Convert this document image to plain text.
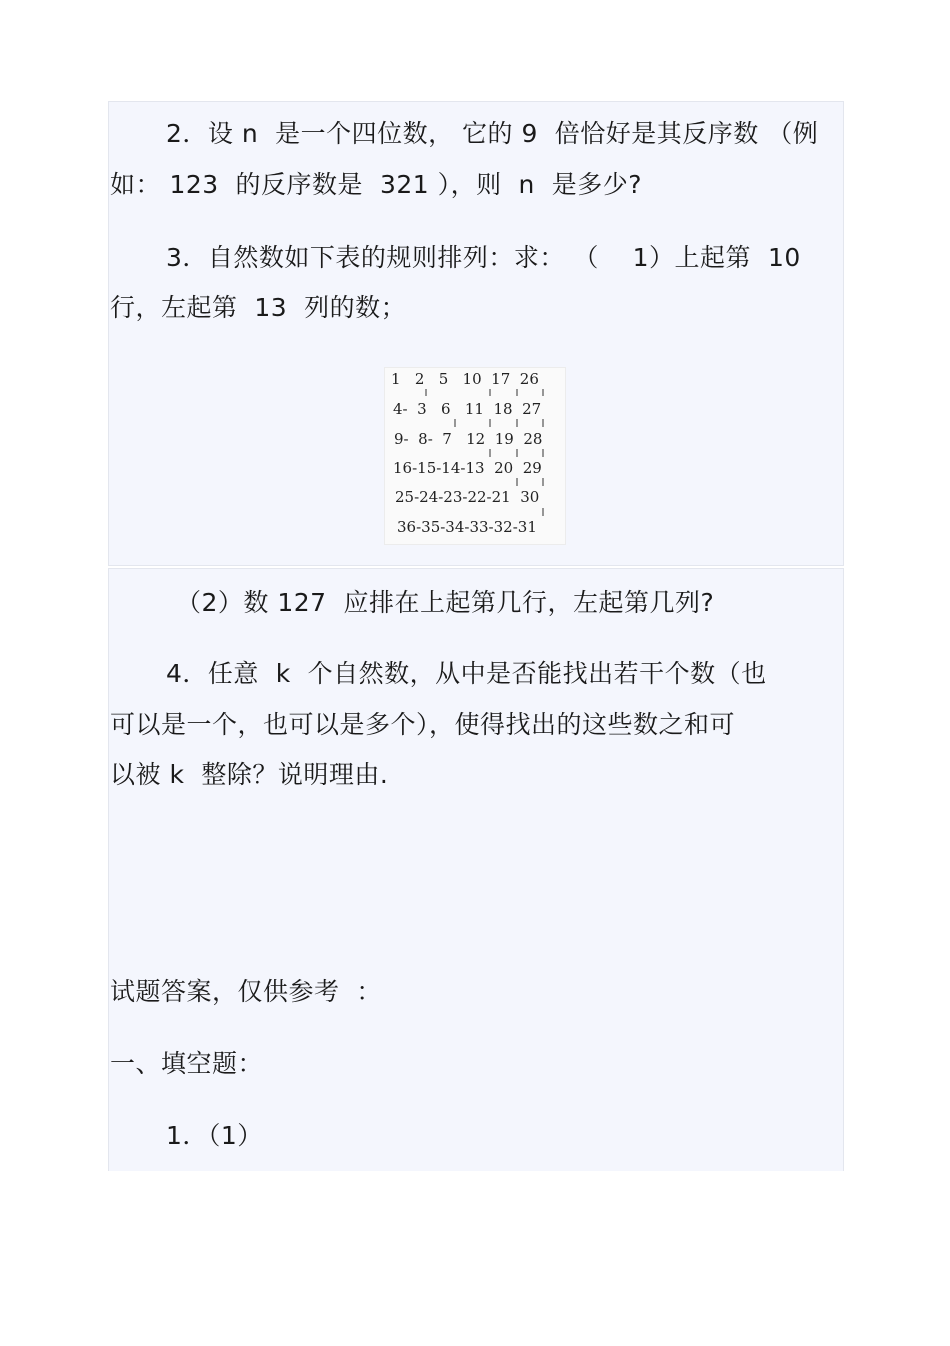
2．设 n  是一个四位数， 它的 9  倍恰好是其反序数 （例
如： 123  的反序数是  321 ），则  n  是多少?
3．自然数如下表的规则排列：求： （    1）上起第  10
行，左起第  13  列的数；
1   2   5   10  17  26
4-  3   6   11  18  27
9-  8-  7   12  19  28
16-15-14-13  20  29
25-24-23-22-21  30
36-35-34-33-32-31
（2）数 127  应排在上起第几行，左起第几列?
4．任意  k  个自然数，从中是否能找出若干个数（也
可以是一个，也可以是多个），使得找出的这些数之和可
以被 k  整除？说明理由.
试题答案，仅供参考  ：
一、填空题：
1．（1）
